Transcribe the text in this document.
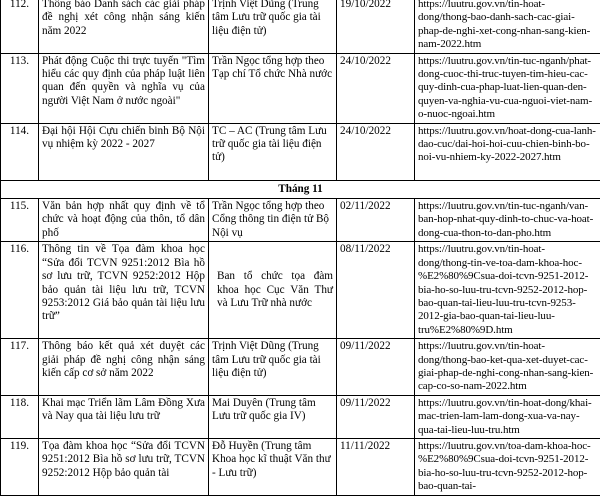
112.	Thông báo Danh sách các giải pháp đề nghị xét công nhận sáng kiến năm 2022	Trịnh Việt Dũng (Trung tâm Lưu trữ quốc gia tài liệu điện tử)	19/10/2022	https://luutru.gov.vn/tin-hoat-dong/thong-bao-danh-sach-cac-giai-phap-de-nghi-xet-cong-nhan-sang-kien-nam-2022.htm
113.	Phát động Cuộc thi trực tuyến "Tìm hiểu các quy định của pháp luật liên quan đến quyền và nghĩa vụ của người Việt Nam ở nước ngoài"	Trần Ngọc tổng hợp theo Tạp chí Tổ chức Nhà nước	24/10/2022	https://luutru.gov.vn/tin-tuc-nganh/phat-dong-cuoc-thi-truc-tuyen-tim-hieu-cac-quy-dinh-cua-phap-luat-lien-quan-den-quyen-va-nghia-vu-cua-nguoi-viet-nam-o-nuoc-ngoai.htm
114.	Đại hội Hội Cựu chiến binh Bộ Nội vụ nhiệm kỳ 2022 - 2027	TC – AC (Trung tâm Lưu trữ quốc gia tài liệu điện tử)	24/10/2022	https://luutru.gov.vn/hoat-dong-cua-lanh-dao-cuc/dai-hoi-hoi-cuu-chien-binh-bo-noi-vu-nhiem-ky-2022-2027.htm
Tháng 11				
115.	Văn bản hợp nhất quy định về tổ chức và hoạt động của thôn, tổ dân phố	Trần Ngọc tổng hợp theo Cổng thông tin điện tử Bộ Nội vụ	02/11/2022	https://luutru.gov.vn/tin-tuc-nganh/van-ban-hop-nhat-quy-dinh-to-chuc-va-hoat-dong-cua-thon-to-dan-pho.htm
116.	Thông tin về Tọa đàm khoa học “Sửa đổi TCVN 9251:2012 Bìa hồ sơ lưu trữ, TCVN 9252:2012 Hộp bảo quản tài liệu lưu trữ, TCVN 9253:2012 Giá bảo quản tài liệu lưu trữ”	Ban tổ chức tọa đàm khoa học Cục Văn Thư và Lưu Trữ nhà nước	08/11/2022	https://luutru.gov.vn/tin-hoat-dong/thong-tin-ve-toa-dam-khoa-hoc-%E2%80%9Csua-doi-tcvn-9251-2012-bia-ho-so-luu-tru-tcvn-9252-2012-hop-bao-quan-tai-lieu-luu-tru-tcvn-9253-2012-gia-bao-quan-tai-lieu-luu-tru%E2%80%9D.htm
117.	Thông báo kết quả xét duyệt các giải pháp đề nghị công nhận sáng kiến cấp cơ sở năm 2022	Trịnh Việt Dũng (Trung tâm Lưu trữ quốc gia tài liệu điện tử)	09/11/2022	https://luutru.gov.vn/tin-hoat-dong/thong-bao-ket-qua-xet-duyet-cac-giai-phap-de-nghi-cong-nhan-sang-kien-cap-co-so-nam-2022.htm
118.	Khai mạc Triển lãm Lâm Đồng Xưa và Nay qua tài liệu lưu trữ	Mai Duyên (Trung tâm Lưu trữ quốc gia IV)	09/11/2022	https://luutru.gov.vn/tin-hoat-dong/khai-mac-trien-lam-lam-dong-xua-va-nay-qua-tai-lieu-luu-tru.htm
119.	Tọa đàm khoa học “Sửa đổi TCVN 9251:2012 Bìa hồ sơ lưu trữ, TCVN 9252:2012 Hộp bảo quản tài	Đỗ Huyền (Trung tâm Khoa học kĩ thuật Văn thư - Lưu trữ)	11/11/2022	https://luutru.gov.vn/toa-dam-khoa-hoc-%E2%80%9Csua-doi-tcvn-9251-2012-bia-ho-so-luu-tru-tcvn-9252-2012-hop-bao-quan-tai-
